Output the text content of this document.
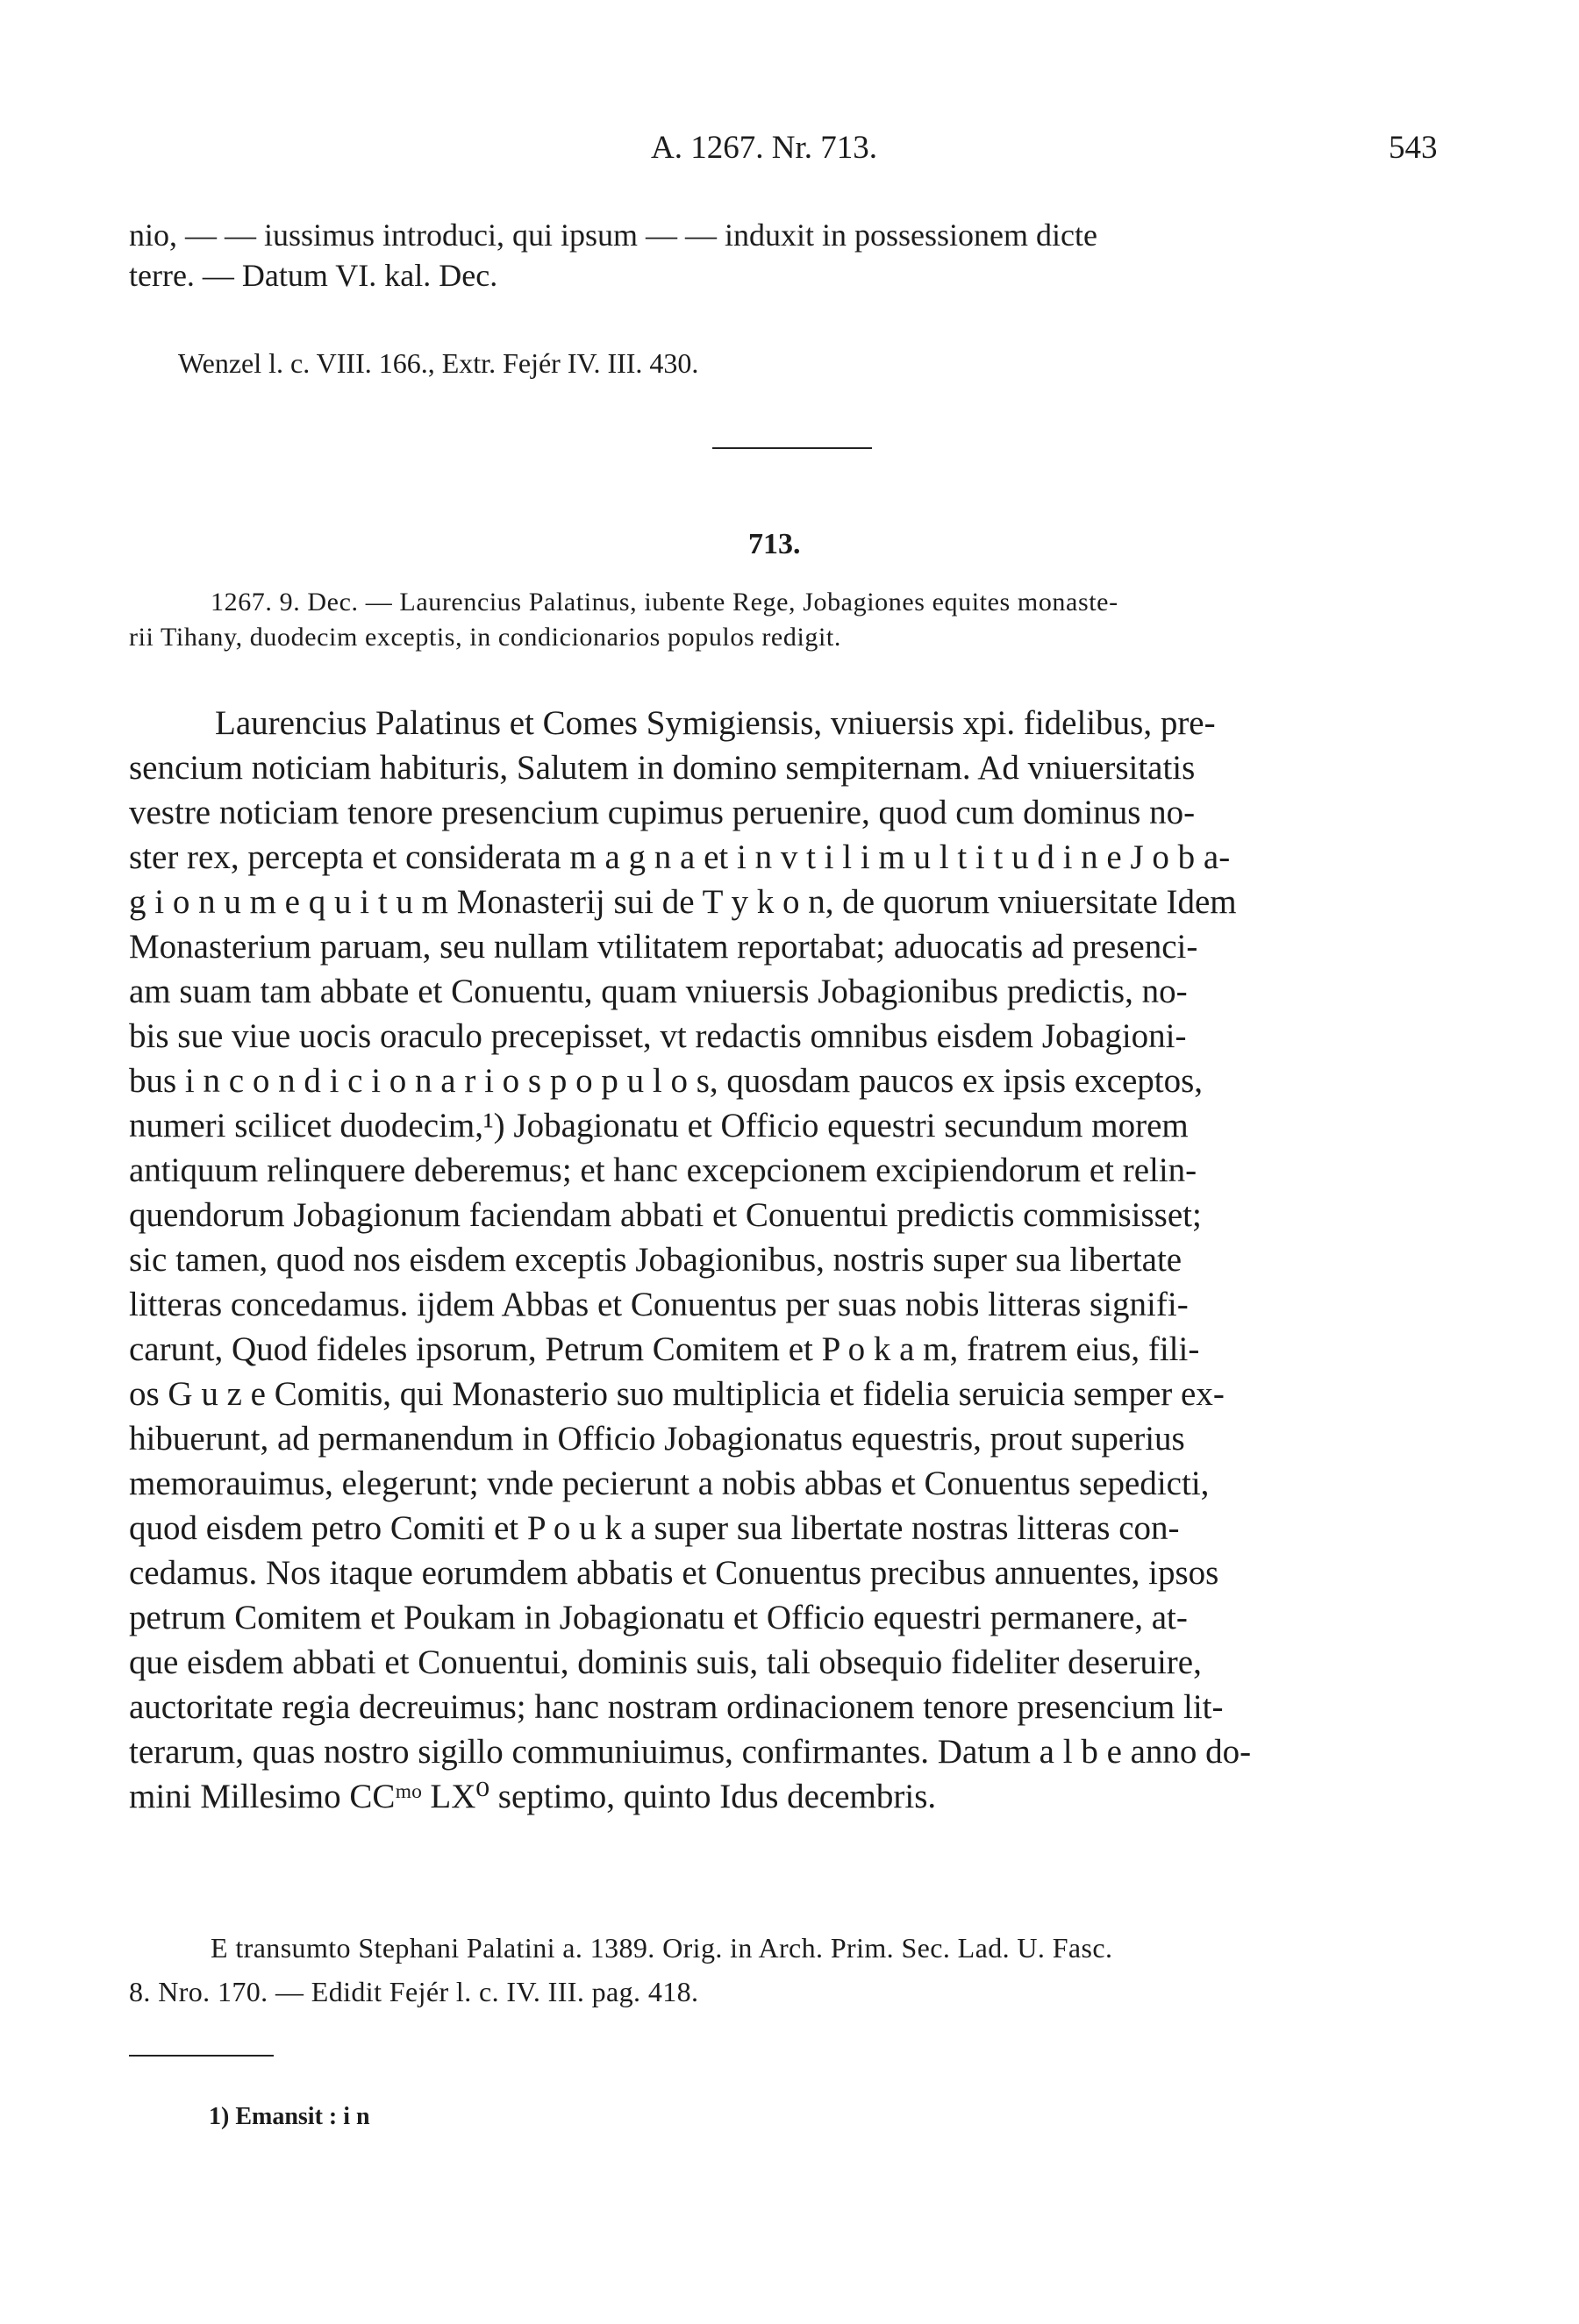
A. 1267. Nr. 713.	543
nio, — — iussimus introduci, qui ipsum — — induxit in possessionem dicte
terre. — Datum VI. kal. Dec.
Wenzel l. c. VIII. 166., Extr. Fejér IV. III. 430.
713.
1267. 9. Dec. — Laurencius Palatinus, iubente Rege, Jobagiones equites monaste-
rii Tihany, duodecim exceptis, in condicionarios populos redigit.
Laurencius Palatinus et Comes Symigiensis, vniuersis xpi. fidelibus, pre-
sencium noticiam habituris, Salutem in domino sempiternam. Ad vniuersitatis
vestre noticiam tenore presencium cupimus peruenire, quod cum dominus no-
ster rex, percepta et considerata m a g n a et i n v t i l i m u l t i t u d i n e J o b a-
g i o n u m e q u i t u m Monasterij sui de T y k o n, de quorum vniuersitate Idem
Monasterium paruam, seu nullam vtilitatem reportabat; aduocatis ad presenci-
am suam tam abbate et Conuentu, quam vniuersis Jobagionibus predictis, no-
bis sue viue uocis oraculo precepisset, vt redactis omnibus eisdem Jobagioni-
bus i n c o n d i c i o n a r i o s p o p u l o s, quosdam paucos ex ipsis exceptos,
numeri scilicet duodecim,¹) Jobagionatu et Officio equestri secundum morem
antiquum relinquere deberemus; et hanc excepcionem excipiendorum et relin-
quendorum Jobagionum faciendam abbati et Conuentui predictis commisisset;
sic tamen, quod nos eisdem exceptis Jobagionibus, nostris super sua libertate
litteras concedamus. ijdem Abbas et Conuentus per suas nobis litteras signifi-
carunt, Quod fideles ipsorum, Petrum Comitem et P o k a m, fratrem eius, fili-
os G u z e Comitis, qui Monasterio suo multiplicia et fidelia seruicia semper ex-
hibuerunt, ad permanendum in Officio Jobagionatus equestris, prout superius
memorauimus, elegerunt; vnde pecierunt a nobis abbas et Conuentus sepedicti,
quod eisdem petro Comiti et P o u k a super sua libertate nostras litteras con-
cedamus. Nos itaque eorumdem abbatis et Conuentus precibus annuentes, ipsos
petrum Comitem et Poukam in Jobagionatu et Officio equestri permanere, at-
que eisdem abbati et Conuentui, dominis suis, tali obsequio fideliter deseruire,
auctoritate regia decreuimus; hanc nostram ordinacionem tenore presencium lit-
terarum, quas nostro sigillo communiuimus, confirmantes. Datum a l b e anno do-
mini Millesimo CCᵐᵒ LX⁰ septimo, quinto Idus decembris.
E transumto Stephani Palatini a. 1389. Orig. in Arch. Prim. Sec. Lad. U. Fasc.
8. Nro. 170. — Edidit Fejér l. c. IV. III. pag. 418.
1) Emansit : i n
